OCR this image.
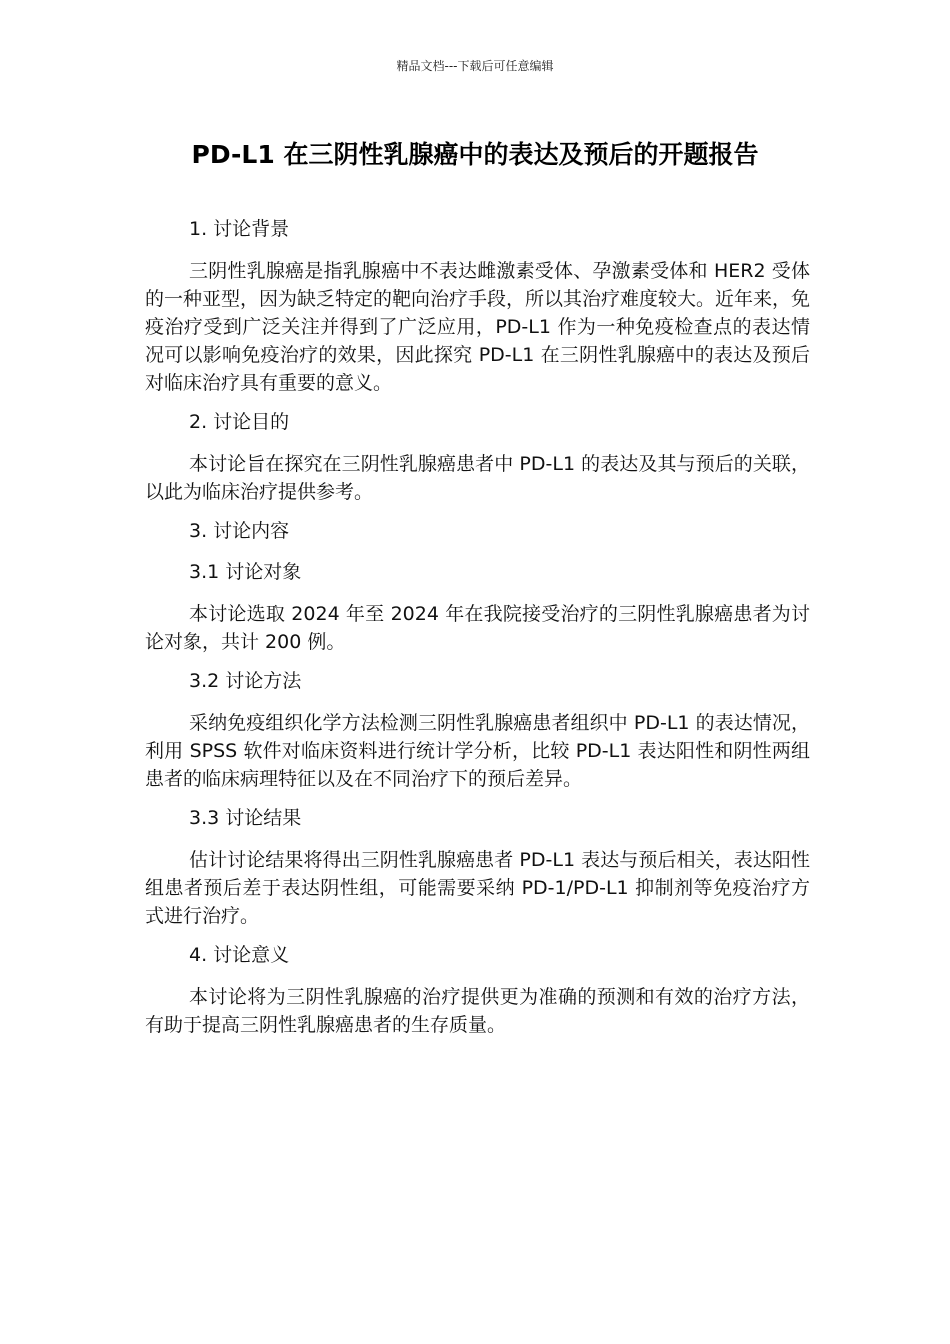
精品文档---下载后可任意编辑
PD-L1 在三阴性乳腺癌中的表达及预后的开题报告
1. 讨论背景

三阴性乳腺癌是指乳腺癌中不表达雌激素受体、孕激素受体和 HER2 受体的一种亚型，因为缺乏特定的靶向治疗手段，所以其治疗难度较大。近年来，免疫治疗受到广泛关注并得到了广泛应用，PD-L1 作为一种免疫检查点的表达情况可以影响免疫治疗的效果，因此探究 PD-L1 在三阴性乳腺癌中的表达及预后对临床治疗具有重要的意义。

2. 讨论目的

本讨论旨在探究在三阴性乳腺癌患者中 PD-L1 的表达及其与预后的关联，以此为临床治疗提供参考。

3. 讨论内容
3.1 讨论对象

本讨论选取 2024 年至 2024 年在我院接受治疗的三阴性乳腺癌患者为讨论对象，共计 200 例。

3.2 讨论方法

采纳免疫组织化学方法检测三阴性乳腺癌患者组织中 PD-L1 的表达情况，利用 SPSS 软件对临床资料进行统计学分析，比较 PD-L1 表达阳性和阴性两组患者的临床病理特征以及在不同治疗下的预后差异。

3.3 讨论结果

估计讨论结果将得出三阴性乳腺癌患者 PD-L1 表达与预后相关，表达阳性组患者预后差于表达阴性组，可能需要采纳 PD-1/PD-L1 抑制剂等免疫治疗方式进行治疗。

4. 讨论意义

本讨论将为三阴性乳腺癌的治疗提供更为准确的预测和有效的治疗方法，有助于提高三阴性乳腺癌患者的生存质量。
